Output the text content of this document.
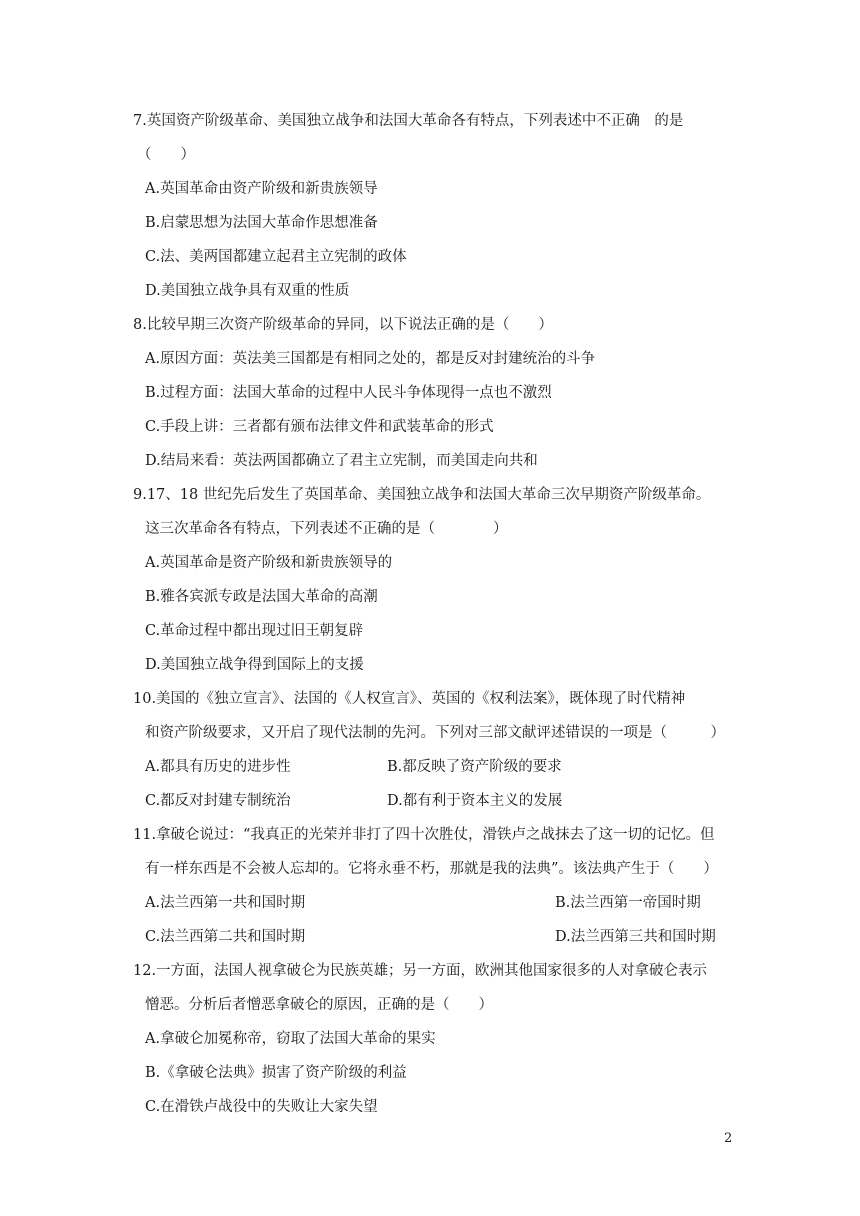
7.英国资产阶级革命、美国独立战争和法国大革命各有特点，下列表述中不正确　的是
（　　）
A.英国革命由资产阶级和新贵族领导
B.启蒙思想为法国大革命作思想准备
C.法、美两国都建立起君主立宪制的政体
D.美国独立战争具有双重的性质
8.比较早期三次资产阶级革命的异同，以下说法正确的是（　　）
A.原因方面：英法美三国都是有相同之处的，都是反对封建统治的斗争
B.过程方面：法国大革命的过程中人民斗争体现得一点也不激烈
C.手段上讲：三者都有颁布法律文件和武装革命的形式
D.结局来看：英法两国都确立了君主立宪制，而美国走向共和
9.17、18 世纪先后发生了英国革命、美国独立战争和法国大革命三次早期资产阶级革命。
这三次革命各有特点，下列表述不正确的是（　　　　）
A.英国革命是资产阶级和新贵族领导的
B.雅各宾派专政是法国大革命的高潮
C.革命过程中都出现过旧王朝复辟
D.美国独立战争得到国际上的支援
10.美国的《独立宣言》、法国的《人权宣言》、英国的《权利法案》，既体现了时代精神
和资产阶级要求，又开启了现代法制的先河。下列对三部文献评述错误的一项是（　　　）
A.都具有历史的进步性	B.都反映了资产阶级的要求
C.都反对封建专制统治	D.都有利于资本主义的发展
11.拿破仑说过：“我真正的光荣并非打了四十次胜仗，滑铁卢之战抹去了这一切的记忆。但
有一样东西是不会被人忘却的。它将永垂不朽，那就是我的法典”。该法典产生于（　　）
A.法兰西第一共和国时期	B.法兰西第一帝国时期
C.法兰西第二共和国时期	D.法兰西第三共和国时期
12.一方面，法国人视拿破仑为民族英雄；另一方面，欧洲其他国家很多的人对拿破仑表示
憎恶。分析后者憎恶拿破仑的原因，正确的是（　　）
A.拿破仑加冕称帝，窃取了法国大革命的果实
B.《拿破仑法典》损害了资产阶级的利益
C.在滑铁卢战役中的失败让大家失望
2
